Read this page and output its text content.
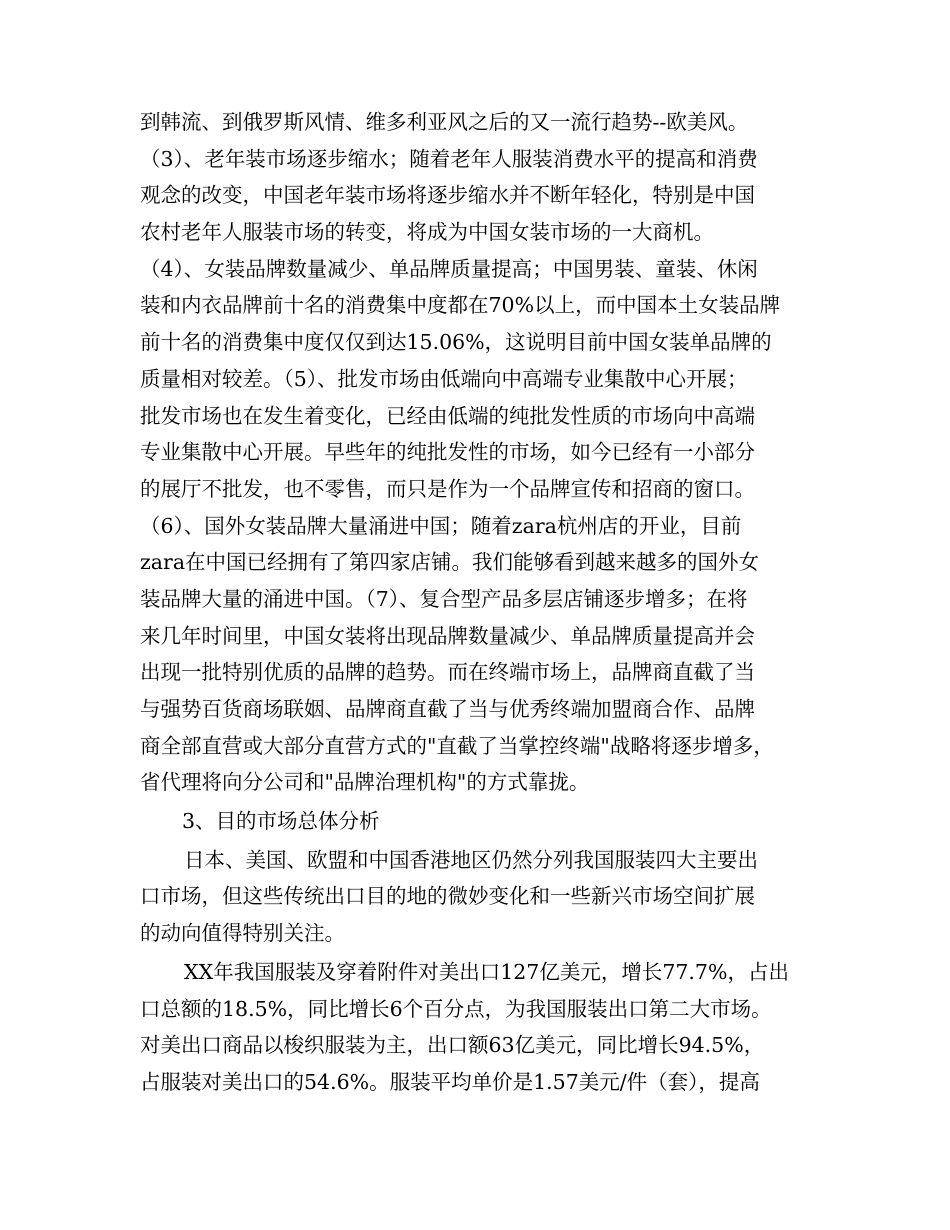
到韩流、到俄罗斯风情、维多利亚风之后的又一流行趋势--欧美风。
（3）、老年装市场逐步缩水；随着老年人服装消费水平的提高和消费
观念的改变，中国老年装市场将逐步缩水并不断年轻化，特别是中国
农村老年人服装市场的转变，将成为中国女装市场的一大商机。
（4）、女装品牌数量减少、单品牌质量提高；中国男装、童装、休闲
装和内衣品牌前十名的消费集中度都在70%以上，而中国本土女装品牌
前十名的消费集中度仅仅到达15.06%，这说明目前中国女装单品牌的
质量相对较差。（5）、批发市场由低端向中高端专业集散中心开展；
批发市场也在发生着变化，已经由低端的纯批发性质的市场向中高端
专业集散中心开展。早些年的纯批发性的市场，如今已经有一小部分
的展厅不批发，也不零售，而只是作为一个品牌宣传和招商的窗口。
（6）、国外女装品牌大量涌进中国；随着zara杭州店的开业，目前
zara在中国已经拥有了第四家店铺。我们能够看到越来越多的国外女
装品牌大量的涌进中国。（7）、复合型产品多层店铺逐步增多；在将
来几年时间里，中国女装将出现品牌数量减少、单品牌质量提高并会
出现一批特别优质的品牌的趋势。而在终端市场上，品牌商直截了当
与强势百货商场联姻、品牌商直截了当与优秀终端加盟商合作、品牌
商全部直营或大部分直营方式的"直截了当掌控终端"战略将逐步增多，
省代理将向分公司和"品牌治理机构"的方式靠拢。
3、目的市场总体分析
日本、美国、欧盟和中国香港地区仍然分列我国服装四大主要出
口市场，但这些传统出口目的地的微妙变化和一些新兴市场空间扩展
的动向值得特别关注。
XX年我国服装及穿着附件对美出口127亿美元，增长77.7%，占出
口总额的18.5%，同比增长6个百分点，为我国服装出口第二大市场。
对美出口商品以梭织服装为主，出口额63亿美元，同比增长94.5%，
占服装对美出口的54.6%。服装平均单价是1.57美元/件（套），提高
